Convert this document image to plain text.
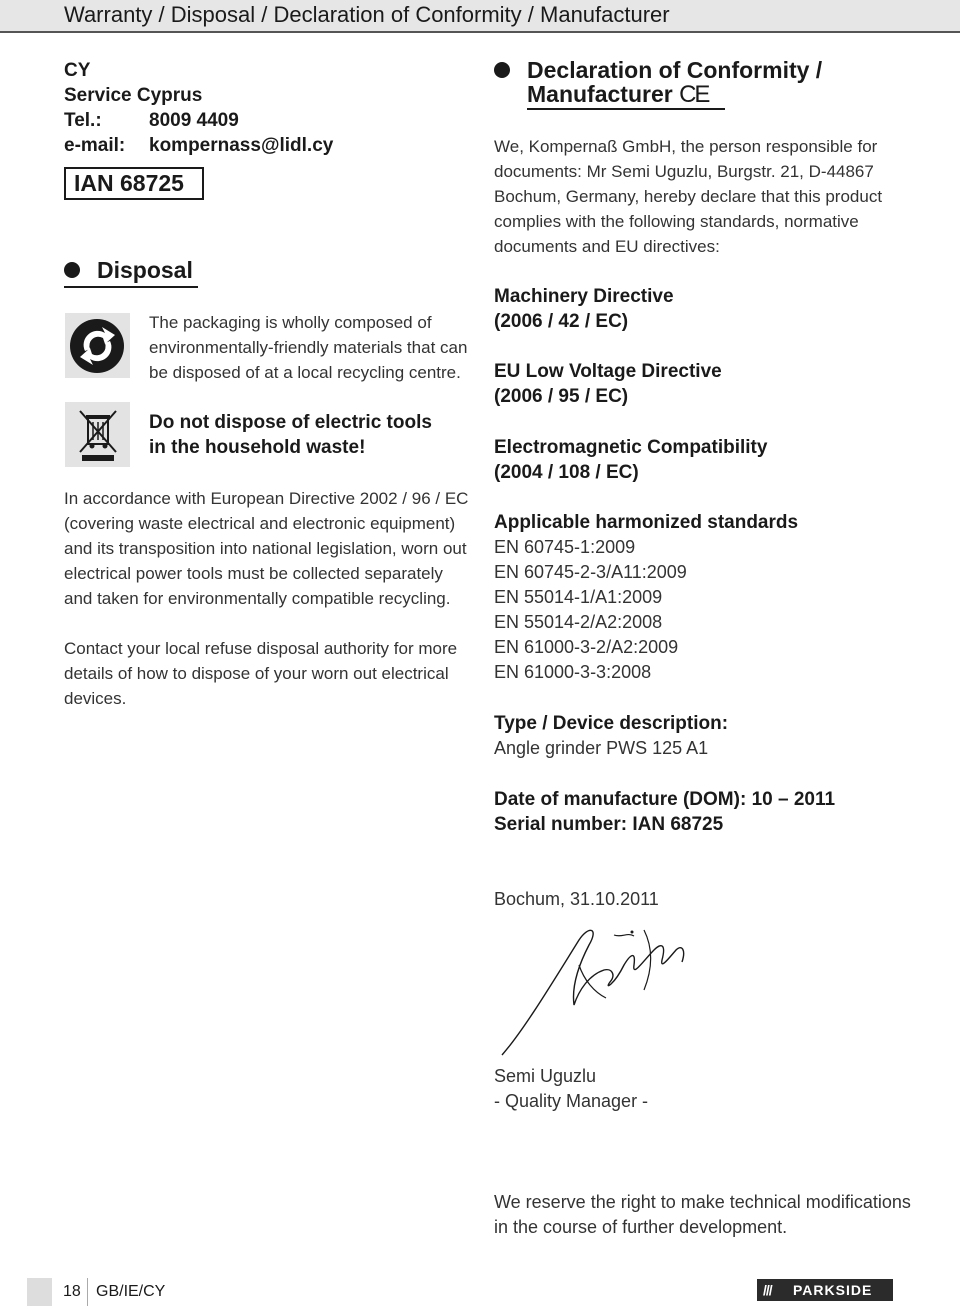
Warranty / Disposal / Declaration of Conformity / Manufacturer
CY
Service Cyprus
Tel.: 8009 4409
e-mail: kompernass@lidl.cy
IAN 68725
Disposal
The packaging is wholly composed of
environmentally-friendly materials that can
be disposed of at a local recycling centre.
Do not dispose of electric tools
in the household waste!
In accordance with European Directive 2002 / 96 / EC
(covering waste electrical and electronic equipment)
and its transposition into national legislation, worn out
electrical power tools must be collected separately
and taken for environmentally compatible recycling.
Contact your local refuse disposal authority for more
details of how to dispose of your worn out electrical
devices.
Declaration of Conformity /
Manufacturer CE
We, Kompernaß GmbH, the person responsible for
documents: Mr Semi Uguzlu, Burgstr. 21, D-44867
Bochum, Germany, hereby declare that this product
complies with the following standards, normative
documents and EU directives:
Machinery Directive
(2006 / 42 / EC)
EU Low Voltage Directive
(2006 / 95 / EC)
Electromagnetic Compatibility
(2004 / 108 / EC)
Applicable harmonized standards
EN 60745-1:2009
EN 60745-2-3/A11:2009
EN 55014-1/A1:2009
EN 55014-2/A2:2008
EN 61000-3-2/A2:2009
EN 61000-3-3:2008
Type / Device description:
Angle grinder PWS 125 A1
Date of manufacture (DOM): 10 – 2011
Serial number: IAN 68725
Bochum, 31.10.2011
Semi Uguzlu
- Quality Manager -
We reserve the right to make technical modifications
in the course of further development.
18 GB/IE/CY	/// PARKSIDE
